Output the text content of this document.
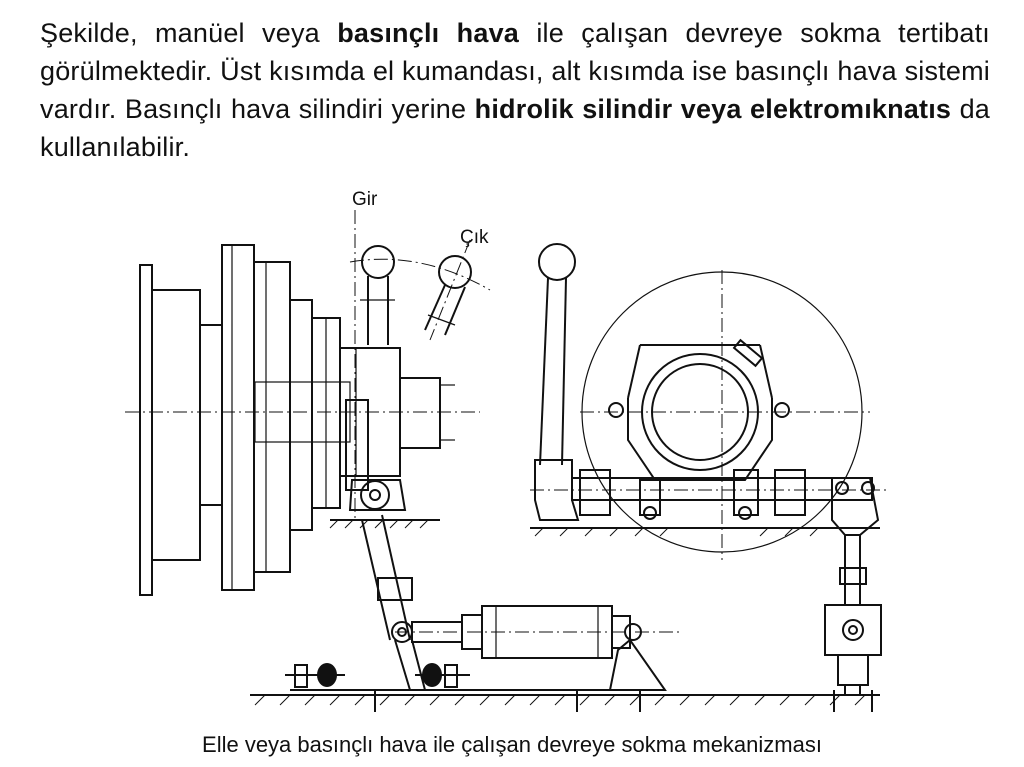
Şekilde, manüel veya basınçlı hava ile çalışan devreye sokma tertibatı görülmektedir. Üst kısımda el kumandası, alt kısımda ise basınçlı hava sistemi vardır. Basınçlı hava silindiri yerine hidrolik silindir veya elektromıknatıs da kullanılabilir.

Gir
Çık
Elle veya basınçlı hava ile çalışan devreye sokma mekanizması
